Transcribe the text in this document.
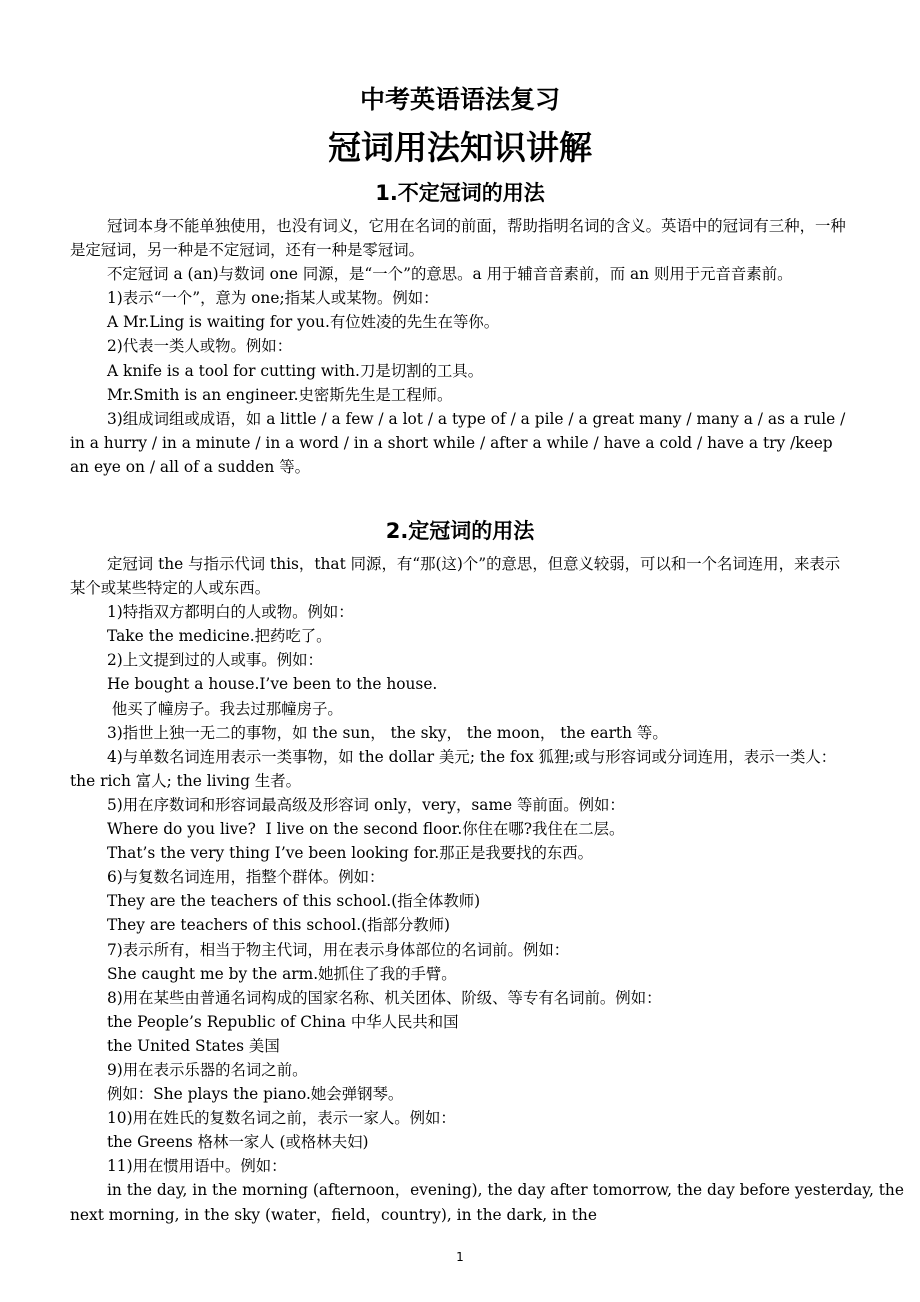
中考英语语法复习
冠词用法知识讲解
1.不定冠词的用法

冠词本身不能单独使用，也没有词义，它用在名词的前面，帮助指明名词的含义。英语中的冠词有三种，一种是定冠词，另一种是不定冠词，还有一种是零冠词。

不定冠词 a (an)与数词 one 同源，是“一个”的意思。a 用于辅音音素前，而 an 则用于元音音素前。

1)表示“一个”，意为 one;指某人或某物。例如：

A Mr.Ling is waiting for you.有位姓凌的先生在等你。

2)代表一类人或物。例如：

A knife is a tool for cutting with.刀是切割的工具。

Mr.Smith is an engineer.史密斯先生是工程师。

3)组成词组或成语，如 a little / a few / a lot / a type of / a pile / a great many / many a / as a rule / in a hurry / in a minute / in a word / in a short while / after a while / have a cold / have a try /keep an eye on / all of a sudden 等。

2.定冠词的用法

定冠词 the 与指示代词 this，that 同源，有“那(这)个”的意思，但意义较弱，可以和一个名词连用，来表示某个或某些特定的人或东西。

1)特指双方都明白的人或物。例如：

Take the medicine.把药吃了。

2)上文提到过的人或事。例如：

He bought a house.I’ve been to the house.

他买了幢房子。我去过那幢房子。

3)指世上独一无二的事物，如 the sun， the sky， the moon， the earth 等。

4)与单数名词连用表示一类事物，如 the dollar 美元; the fox 狐狸;或与形容词或分词连用，表示一类人：the rich 富人; the living 生者。

5)用在序数词和形容词最高级及形容词 only，very，same 等前面。例如：

Where do you live?  I live on the second floor.你住在哪?我住在二层。

That’s the very thing I’ve been looking for.那正是我要找的东西。

6)与复数名词连用，指整个群体。例如：

They are the teachers of this school.(指全体教师)

They are teachers of this school.(指部分教师)

7)表示所有，相当于物主代词，用在表示身体部位的名词前。例如：

She caught me by the arm.她抓住了我的手臂。

8)用在某些由普通名词构成的国家名称、机关团体、阶级、等专有名词前。例如：

the People’s Republic of China 中华人民共和国

the United States 美国

9)用在表示乐器的名词之前。

例如：She plays the piano.她会弹钢琴。

10)用在姓氏的复数名词之前，表示一家人。例如：

the Greens 格林一家人 (或格林夫妇)

11)用在惯用语中。例如：

in the day, in the morning (afternoon，evening), the day after tomorrow, the day before yesterday, the next morning, in the sky (water，field，country), in the dark, in the

1
